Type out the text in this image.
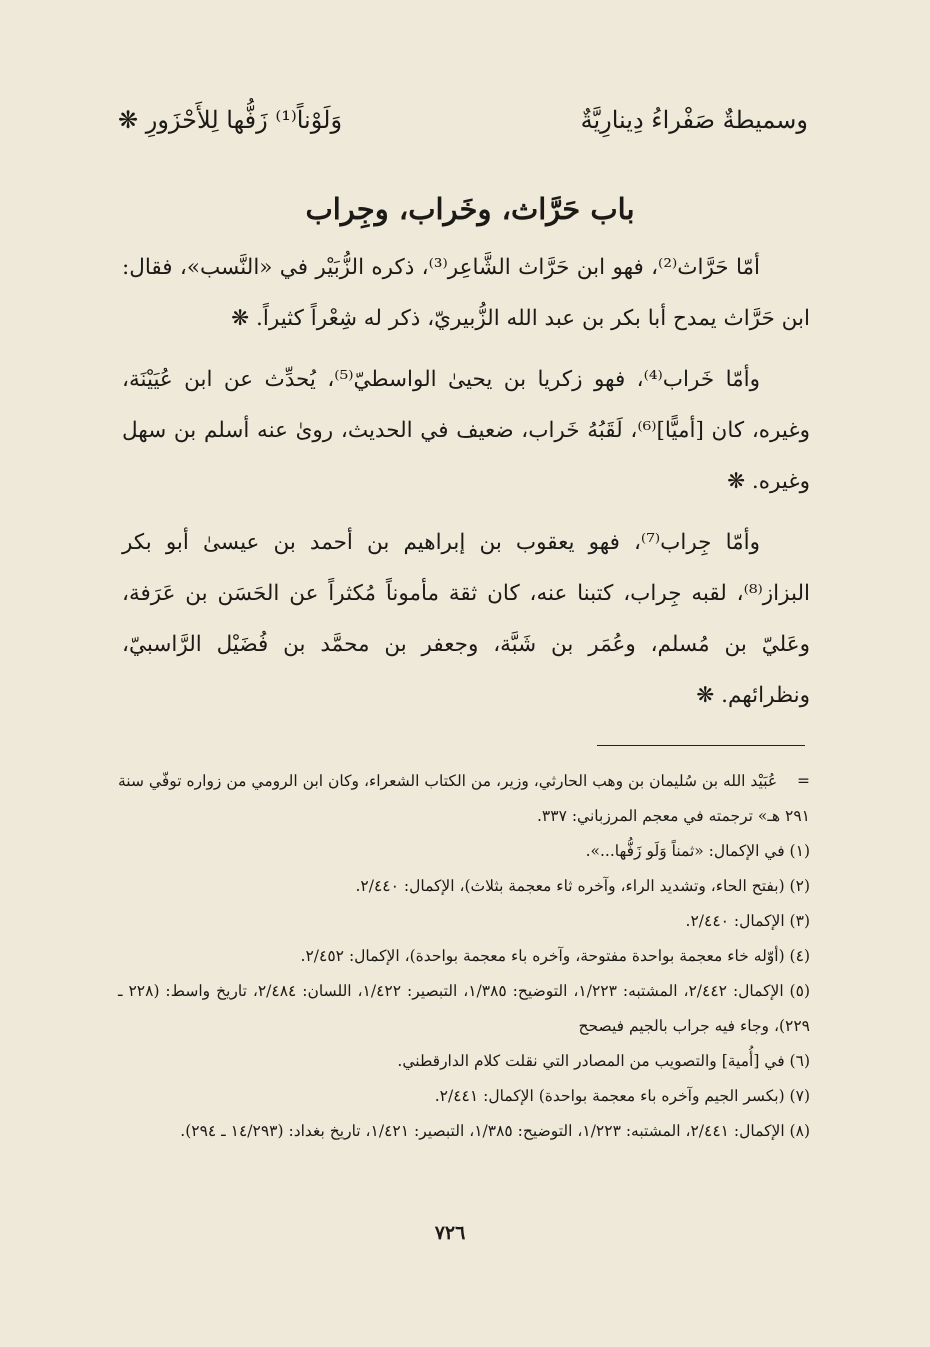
وسميطةٌ صَفْراءُ دِينارِيَّةٌ
وَلَوْناً⁽¹⁾ زَفُّها لِلأَحْزَورِ ❋
باب حَرَّاث، وخَراب، وجِراب

أمّا حَرَّاث⁽²⁾، فهو ابن حَرَّاث الشَّاعِر⁽³⁾، ذكره الزُّبَيْر في «النَّسب»، فقال: ابن حَرَّاث يمدح أبا بكر بن عبد الله الزُّبيريّ، ذكر له شِعْراً كثيراً. ❋

وأمّا خَراب⁽⁴⁾، فهو زكريا بن يحيىٰ الواسطيّ⁽⁵⁾، يُحدِّث عن ابن عُيَيْنَة، وغيره، كان [أميًّا]⁽⁶⁾، لَقَبُهُ خَراب، ضعيف في الحديث، روىٰ عنه أسلم بن سهل وغيره. ❋

وأمّا جِراب⁽⁷⁾، فهو يعقوب بن إبراهيم بن أحمد بن عيسىٰ أبو بكر البزاز⁽⁸⁾، لقبه جِراب، كتبنا عنه، كان ثقة مأموناً مُكثراً عن الحَسَن بن عَرَفة، وعَليّ بن مُسلم، وعُمَر بن شَبَّة، وجعفر بن محمَّد بن فُضَيْل الرَّاسبيّ، ونظرائهم. ❋

=    عُبَيْد الله بن سُليمان بن وهب الحارثي، وزير، من الكتاب الشعراء، وكان ابن الرومي من زواره توفّي سنة ٢٩١ هـ» ترجمته في معجم المرزباني: ٣٣٧.

(١) في الإكمال: «ثمناً وَلَو زَفُّها...».

(٢) (بفتح الحاء، وتشديد الراء، وآخره ثاء معجمة بثلاث)، الإكمال: ٢/٤٤٠.

(٣) الإكمال: ٢/٤٤٠.

(٤) (أوّله خاء معجمة بواحدة مفتوحة، وآخره باء معجمة بواحدة)، الإكمال: ٢/٤٥٢.

(٥) الإكمال: ٢/٤٤٢، المشتبه: ١/٢٢٣، التوضيح: ١/٣٨٥، التبصير: ١/٤٢٢، اللسان: ٢/٤٨٤، تاريخ واسط: (٢٢٨ ـ ٢٢٩)، وجاء فيه جراب بالجيم فيصحح

(٦) في [أُمية] والتصويب من المصادر التي نقلت كلام الدارقطني.

(٧) (بكسر الجيم وآخره باء معجمة بواحدة) الإكمال: ٢/٤٤١.

(٨) الإكمال: ٢/٤٤١، المشتبه: ١/٢٢٣، التوضيح: ١/٣٨٥، التبصير: ١/٤٢١، تاريخ بغداد: (١٤/٢٩٣ ـ ٢٩٤).

٧٢٦
